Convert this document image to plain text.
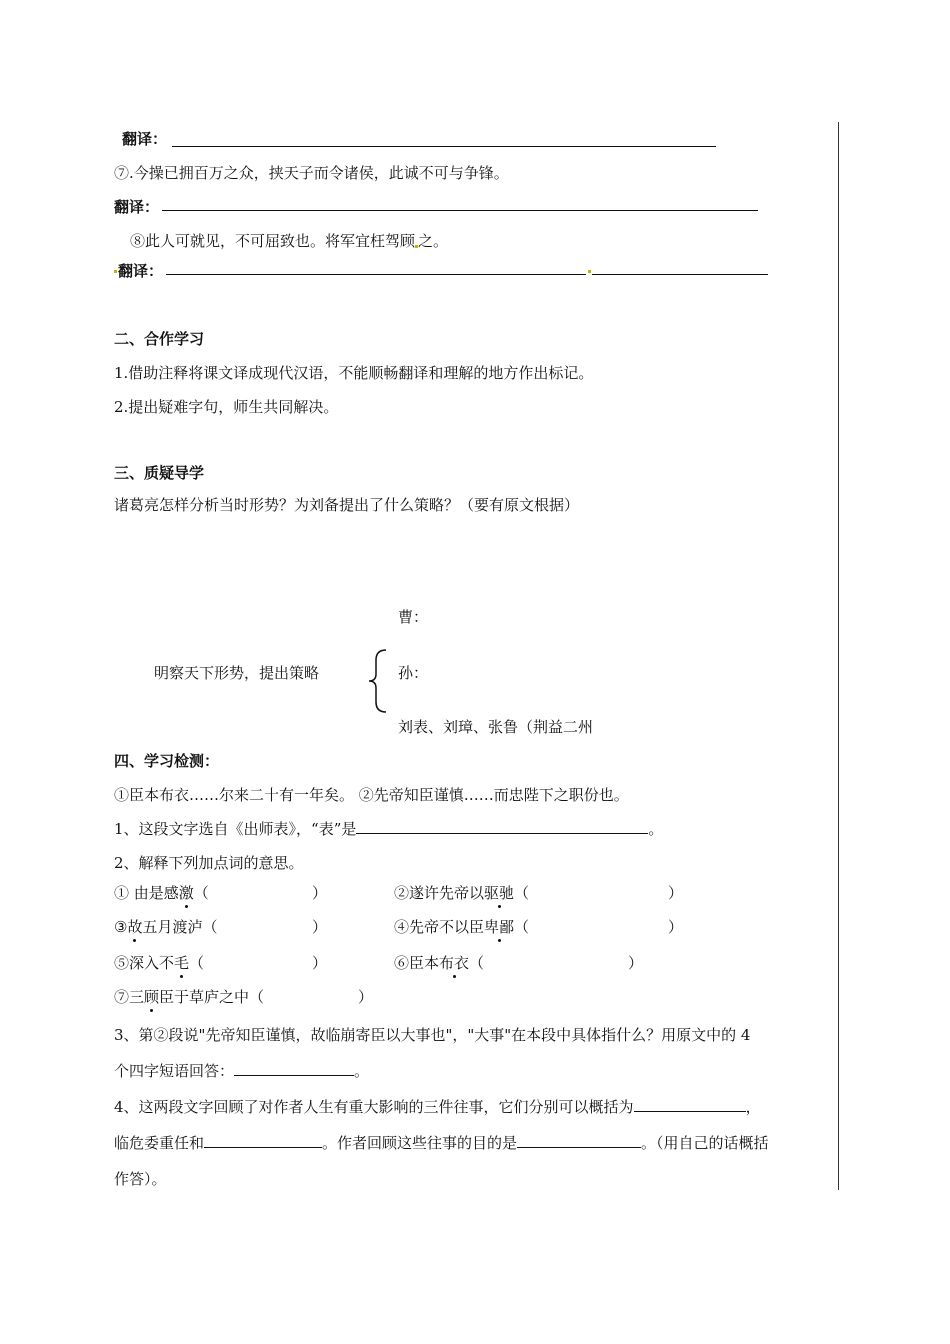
翻译：
⑦.今操已拥百万之众，挟天子而令诸侯，此诚不可与争锋。
翻译：
⑧此人可就见，不可屈致也。将军宜枉驾顾 之。
翻译：
二、合作学习
1.借助注释将课文译成现代汉语，不能顺畅翻译和理解的地方作出标记。
2.提出疑难字句，师生共同解决。
三、质疑导学
诸葛亮怎样分析当时形势？为刘备提出了什么策略？（要有原文根据）
曹：
明察天下形势，提出策略	孙：
刘表、刘璋、张鲁（荆益二州
四、学习检测：
①臣本布衣……尔来二十有一年矣。 ②先帝知臣谨慎……而忠陛下之职份也。
1、这段文字选自《出师表》，“表”是	。
2、解释下列加点词的意思。
① 由是感激（	）	②遂许先帝以驱驰（	）
③故五月渡泸（	）	④先帝不以臣卑鄙（	）
⑤深入不毛（	）	⑥臣本布衣（	）
⑦三顾臣于草庐之中（	）
3、第②段说"先帝知臣谨慎，故临崩寄臣以大事也"，"大事"在本段中具体指什么？用原文中的 4
个四字短语回答：	。
4、这两段文字回顾了对作者人生有重大影响的三件往事，它们分别可以概括为	，
临危委重任和	。作者回顾这些往事的目的是	。（用自己的话概括
作答）。
